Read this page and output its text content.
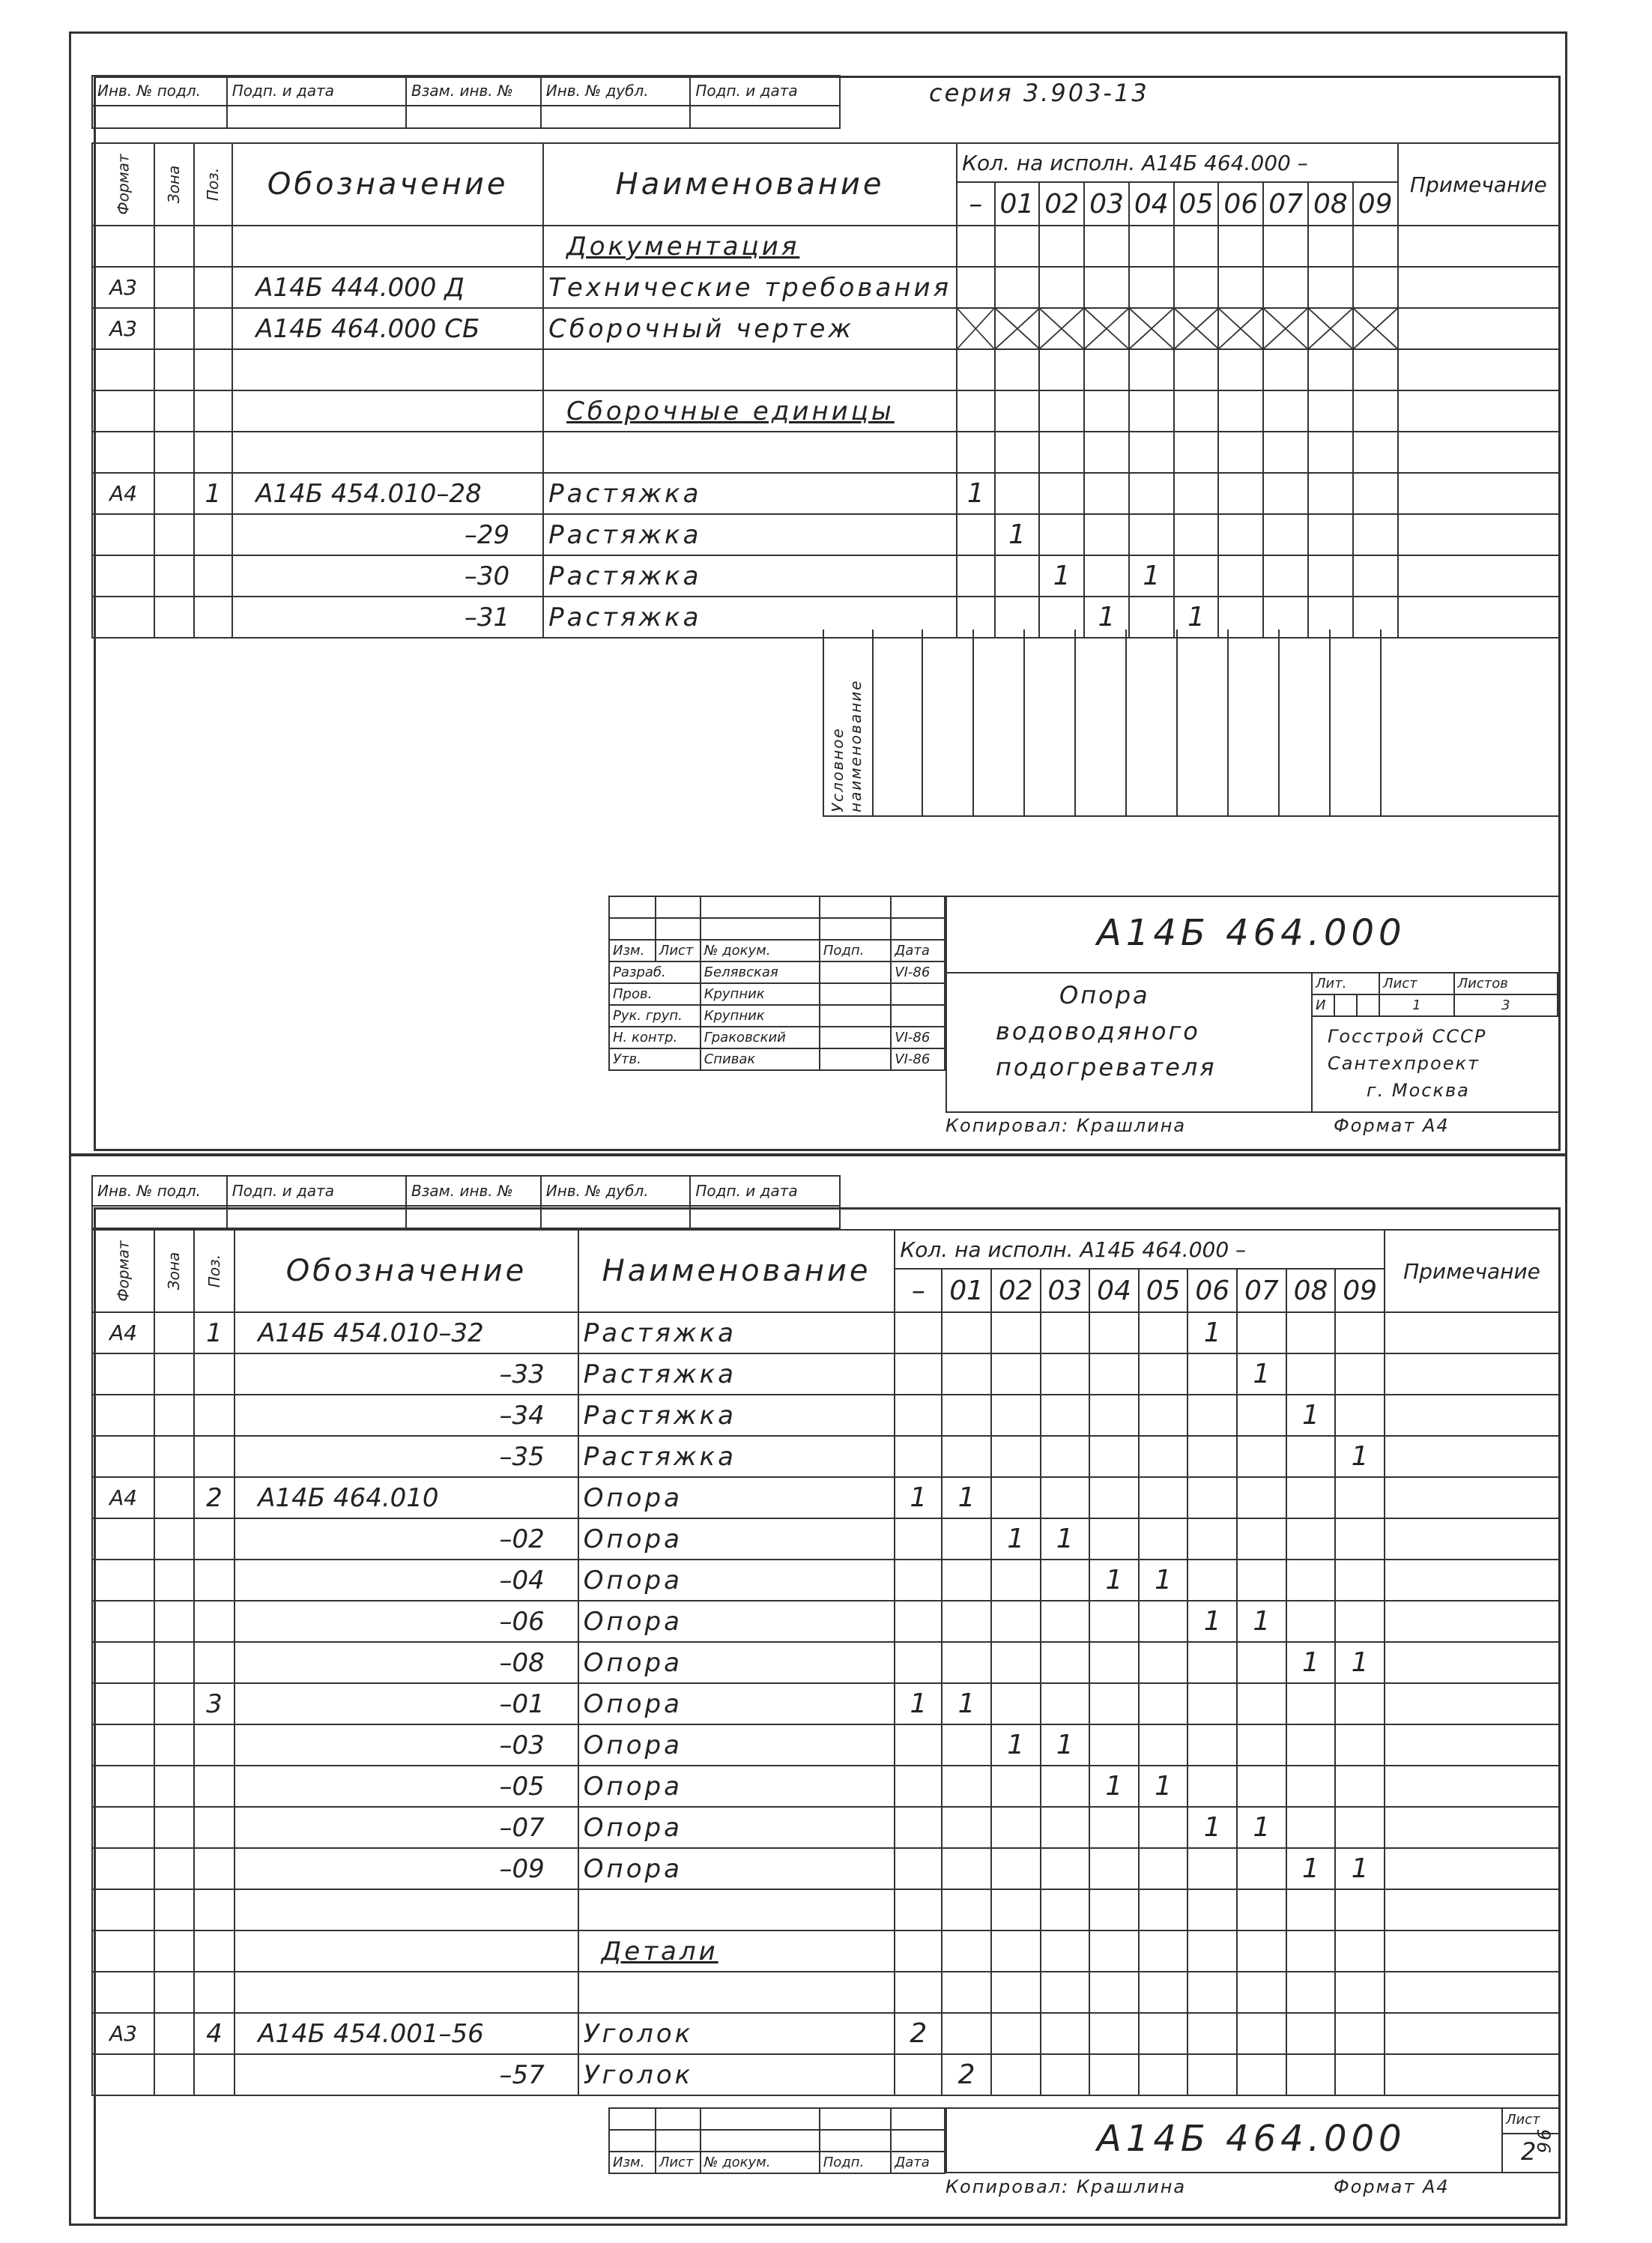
Инв. № подл.	Подп. и дата	Взам. инв. №	Инв. № дубл.	Подп. и дата
					серия 3.903-13
Формат	Зона	Поз.	Обозначение	Наименование	Кол. на исполн. А14Б 464.000 –										Примечание
					–	01	02	03	04	05	06	07	08	09	
				Документация											
А3			А14Б 444.000 Д	Технические требования											
А3			А14Б 464.000 СБ	Сборочный чертеж	

				Сборочные единицы											

А4		1	А14Б 454.010–28	Растяжка	1										
			–29	Растяжка		1									
			–30	Растяжка			1		1						
			–31	Растяжка				1		1					
Условное наименование

Изм.	Лист	№ докум.	Подп.	Дата
Разраб.		Белявская		VI-86
Пров.		Крупник		
Рук. груп.		Крупник		
Н. контр.		Граковский		VI-86
Утв.		Спивак		VI-86
А14Б 464.000
Опора
водоводяного
подогревателя
Лит.			Лист	Листов
И			1	3
Госстрой СССР
Сантехпроект
г. Москва
Копировал: Крашлина	Формат А4
Инв. № подл.	Подп. и дата	Взам. инв. №	Инв. № дубл.	Подп. и дата

Формат	Зона	Поз.	Обозначение	Наименование	Кол. на исполн. А14Б 464.000 –										Примечание
					–	01	02	03	04	05	06	07	08	09	
А4		1	А14Б 454.010–32	Растяжка							1				
			–33	Растяжка								1			
			–34	Растяжка									1		
			–35	Растяжка										1	
А4		2	А14Б 464.010	Опора	1	1									
			–02	Опора			1	1							
			–04	Опора					1	1					
			–06	Опора							1	1			
			–08	Опора									1	1	
		3	–01	Опора	1	1									
			–03	Опора			1	1							
			–05	Опора					1	1					
			–07	Опора							1	1			
			–09	Опора									1	1	

				Детали											

А3		4	А14Б 454.001–56	Уголок	2										
			–57	Уголок		2									

Изм.	Лист	№ докум.	Подп.	Дата
А14Б 464.000	Лист
2
96
Копировал: Крашлина	Формат А4
